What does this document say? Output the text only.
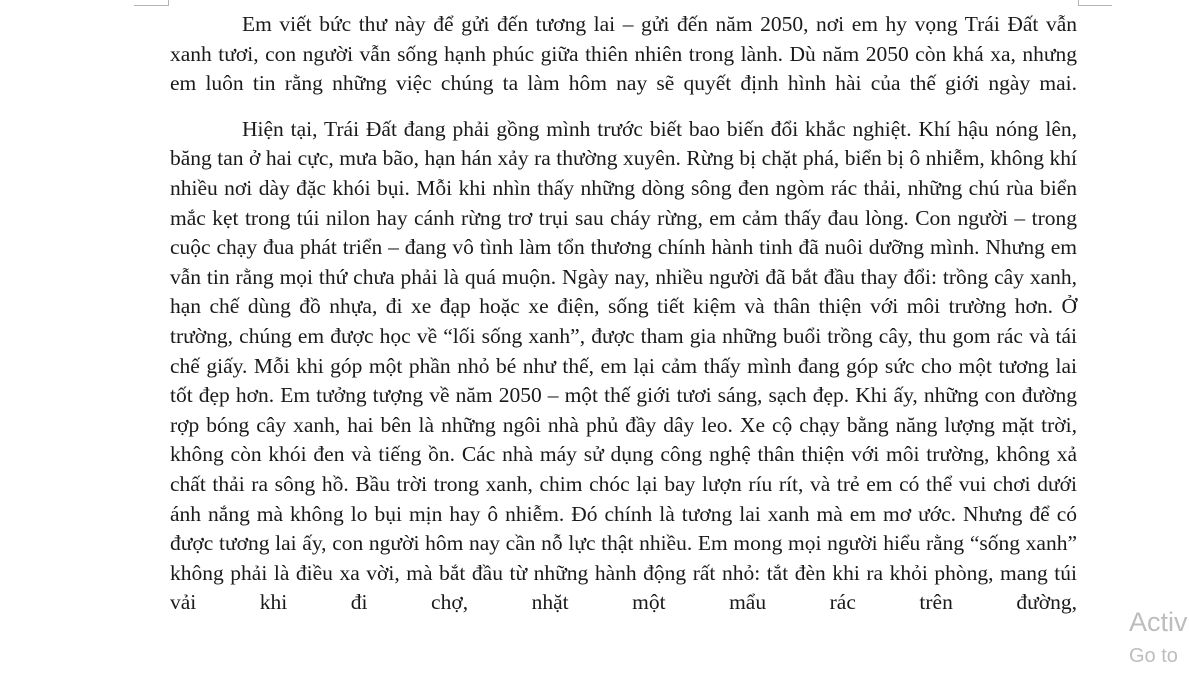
Em viết bức thư này để gửi đến tương lai – gửi đến năm 2050, nơi em hy vọng Trái Đất vẫn xanh tươi, con người vẫn sống hạnh phúc giữa thiên nhiên trong lành. Dù năm 2050 còn khá xa, nhưng em luôn tin rằng những việc chúng ta làm hôm nay sẽ quyết định hình hài của thế giới ngày mai.

Hiện tại, Trái Đất đang phải gồng mình trước biết bao biến đổi khắc nghiệt. Khí hậu nóng lên, băng tan ở hai cực, mưa bão, hạn hán xảy ra thường xuyên. Rừng bị chặt phá, biển bị ô nhiễm, không khí nhiều nơi dày đặc khói bụi. Mỗi khi nhìn thấy những dòng sông đen ngòm rác thải, những chú rùa biển mắc kẹt trong túi nilon hay cánh rừng trơ trụi sau cháy rừng, em cảm thấy đau lòng. Con người – trong cuộc chạy đua phát triển – đang vô tình làm tổn thương chính hành tinh đã nuôi dưỡng mình. Nhưng em vẫn tin rằng mọi thứ chưa phải là quá muộn. Ngày nay, nhiều người đã bắt đầu thay đổi: trồng cây xanh, hạn chế dùng đồ nhựa, đi xe đạp hoặc xe điện, sống tiết kiệm và thân thiện với môi trường hơn. Ở trường, chúng em được học về “lối sống xanh”, được tham gia những buổi trồng cây, thu gom rác và tái chế giấy. Mỗi khi góp một phần nhỏ bé như thế, em lại cảm thấy mình đang góp sức cho một tương lai tốt đẹp hơn. Em tưởng tượng về năm 2050 – một thế giới tươi sáng, sạch đẹp. Khi ấy, những con đường rợp bóng cây xanh, hai bên là những ngôi nhà phủ đầy dây leo. Xe cộ chạy bằng năng lượng mặt trời, không còn khói đen và tiếng ồn. Các nhà máy sử dụng công nghệ thân thiện với môi trường, không xả chất thải ra sông hồ. Bầu trời trong xanh, chim chóc lại bay lượn ríu rít, và trẻ em có thể vui chơi dưới ánh nắng mà không lo bụi mịn hay ô nhiễm. Đó chính là tương lai xanh mà em mơ ước. Nhưng để có được tương lai ấy, con người hôm nay cần nỗ lực thật nhiều. Em mong mọi người hiểu rằng “sống xanh” không phải là điều xa vời, mà bắt đầu từ những hành động rất nhỏ: tắt đèn khi ra khỏi phòng, mang túi vải khi đi chợ, nhặt một mẩu rác trên đường,

Activ
Go to
